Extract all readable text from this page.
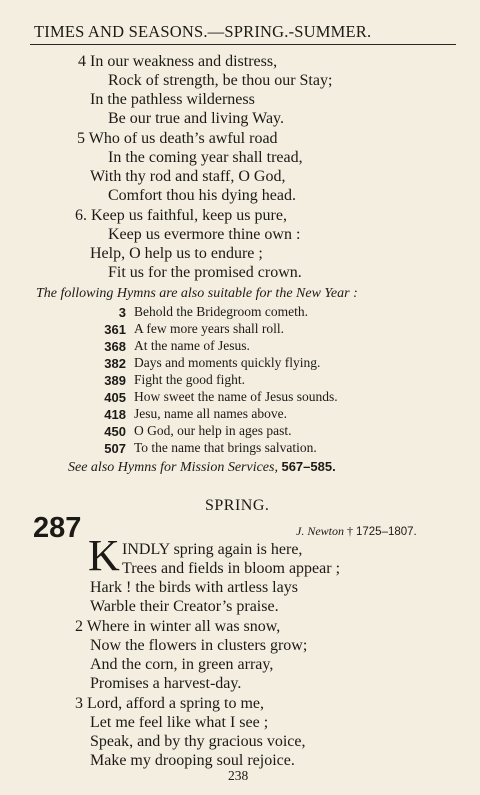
TIMES AND SEASONS.—SPRING.-SUMMER.
4 In our weakness and distress,
Rock of strength, be thou our Stay;
In the pathless wilderness
Be our true and living Way.
5 Who of us death’s awful road
In the coming year shall tread,
With thy rod and staff, O God,
Comfort thou his dying head.
6. Keep us faithful, keep us pure,
Keep us evermore thine own :
Help, O help us to endure ;
Fit us for the promised crown.
The following Hymns are also suitable for the New Year :
3 Behold the Bridegroom cometh.
361 A few more years shall roll.
368 At the name of Jesus.
382 Days and moments quickly flying.
389 Fight the good fight.
405 How sweet the name of Jesus sounds.
418 Jesu, name all names above.
450 O God, our help in ages past.
507 To the name that brings salvation.
See also Hymns for Mission Services, 567–585.
SPRING.
287	J. Newton † 1725–1807.
K INDLY spring again is here,
Trees and fields in bloom appear ;
Hark ! the birds with artless lays
Warble their Creator’s praise.
2 Where in winter all was snow,
Now the flowers in clusters grow;
And the corn, in green array,
Promises a harvest-day.
3 Lord, afford a spring to me,
Let me feel like what I see ;
Speak, and by thy gracious voice,
Make my drooping soul rejoice.
238
